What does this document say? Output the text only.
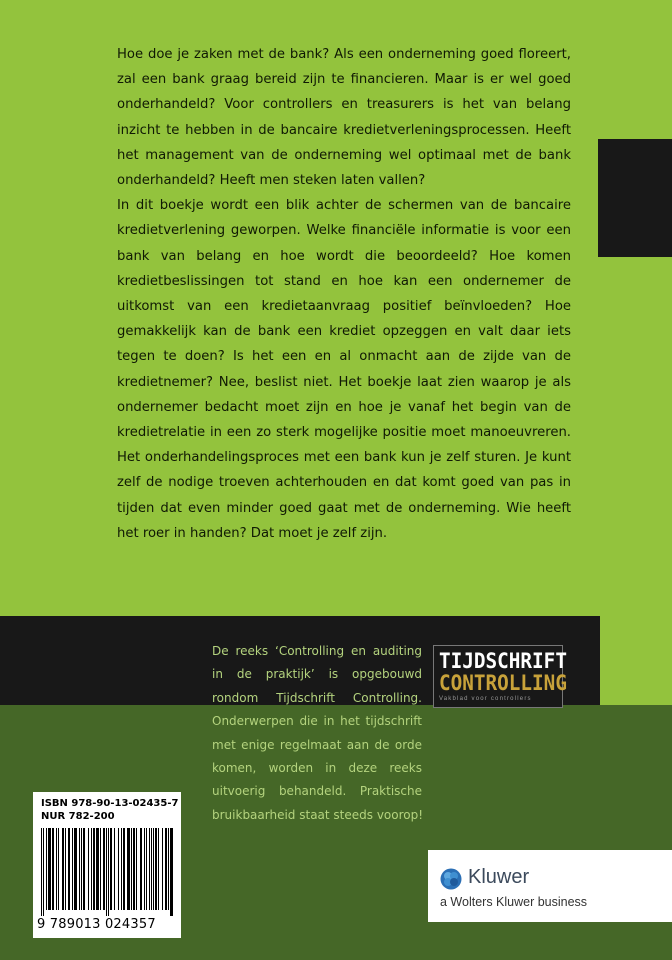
Hoe doe je zaken met de bank? Als een onderneming goed floreert, zal een bank graag bereid zijn te financieren. Maar is er wel goed onderhandeld? Voor controllers en treasurers is het van belang inzicht te hebben in de bancaire kredietverleningsprocessen. Heeft het management van de onderneming wel optimaal met de bank onderhandeld? Heeft men steken laten vallen?

In dit boekje wordt een blik achter de schermen van de bancaire kredietverlening geworpen. Welke financiële informatie is voor een bank van belang en hoe wordt die beoordeeld? Hoe komen kredietbeslissingen tot stand en hoe kan een ondernemer de uitkomst van een kredietaanvraag positief beïnvloeden? Hoe gemakkelijk kan de bank een krediet opzeggen en valt daar iets tegen te doen? Is het een en al onmacht aan de zijde van de kredietnemer? Nee, beslist niet. Het boekje laat zien waarop je als ondernemer bedacht moet zijn en hoe je vanaf het begin van de kredietrelatie in een zo sterk mogelijke positie moet manoeuvreren. Het onderhandelingsproces met een bank kun je zelf sturen. Je kunt zelf de nodige troeven achterhouden en dat komt goed van pas in tijden dat even minder goed gaat met de onderneming. Wie heeft het roer in handen? Dat moet je zelf zijn.

De reeks ‘Controlling en auditing
in de praktijk’ is opgebouwd
rondom Tijdschrift Controlling.
Onderwerpen die in het tijdschrift
met enige regelmaat aan de orde
komen, worden in deze reeks
uitvoerig behandeld. Praktische
bruikbaarheid staat steeds voorop!
TIJDSCHRIFT
CONTROLLING
Vakblad voor controllers
ISBN 978-90-13-02435-7
NUR 782-200
9 789013 024357
Kluwer
a Wolters Kluwer business
